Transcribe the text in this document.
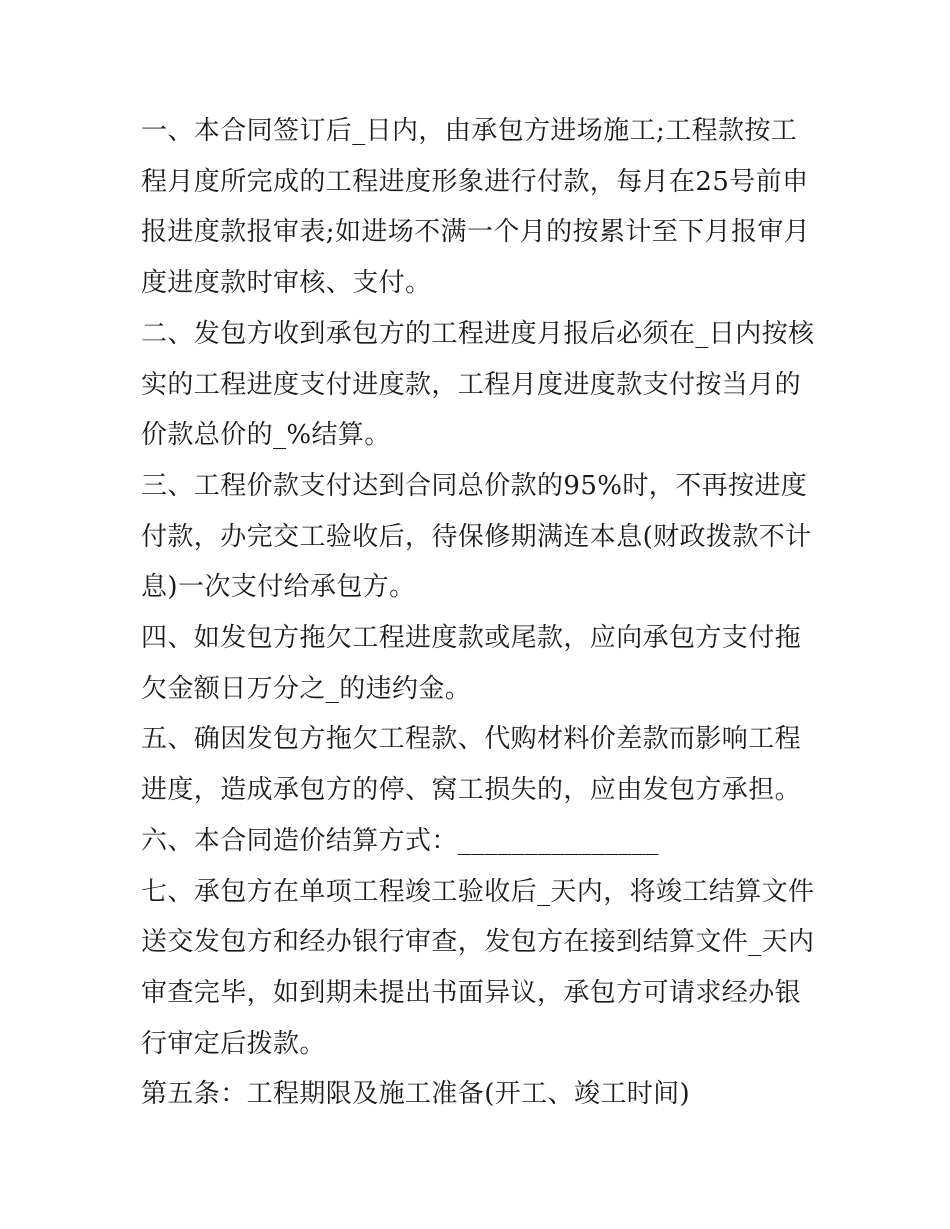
一、本合同签订后_日内，由承包方进场施工;工程款按工程月度所完成的工程进度形象进行付款，每月在25号前申报进度款报审表;如进场不满一个月的按累计至下月报审月度进度款时审核、支付。

二、发包方收到承包方的工程进度月报后必须在_日内按核实的工程进度支付进度款，工程月度进度款支付按当月的价款总价的_%结算。

三、工程价款支付达到合同总价款的95%时，不再按进度付款，办完交工验收后，待保修期满连本息(财政拨款不计息)一次支付给承包方。

四、如发包方拖欠工程进度款或尾款，应向承包方支付拖欠金额日万分之_的违约金。

五、确因发包方拖欠工程款、代购材料价差款而影响工程进度，造成承包方的停、窝工损失的，应由发包方承担。

六、本合同造价结算方式：_______________

七、承包方在单项工程竣工验收后_天内，将竣工结算文件送交发包方和经办银行审查，发包方在接到结算文件_天内审查完毕，如到期未提出书面异议，承包方可请求经办银行审定后拨款。

第五条：工程期限及施工准备(开工、竣工时间)
